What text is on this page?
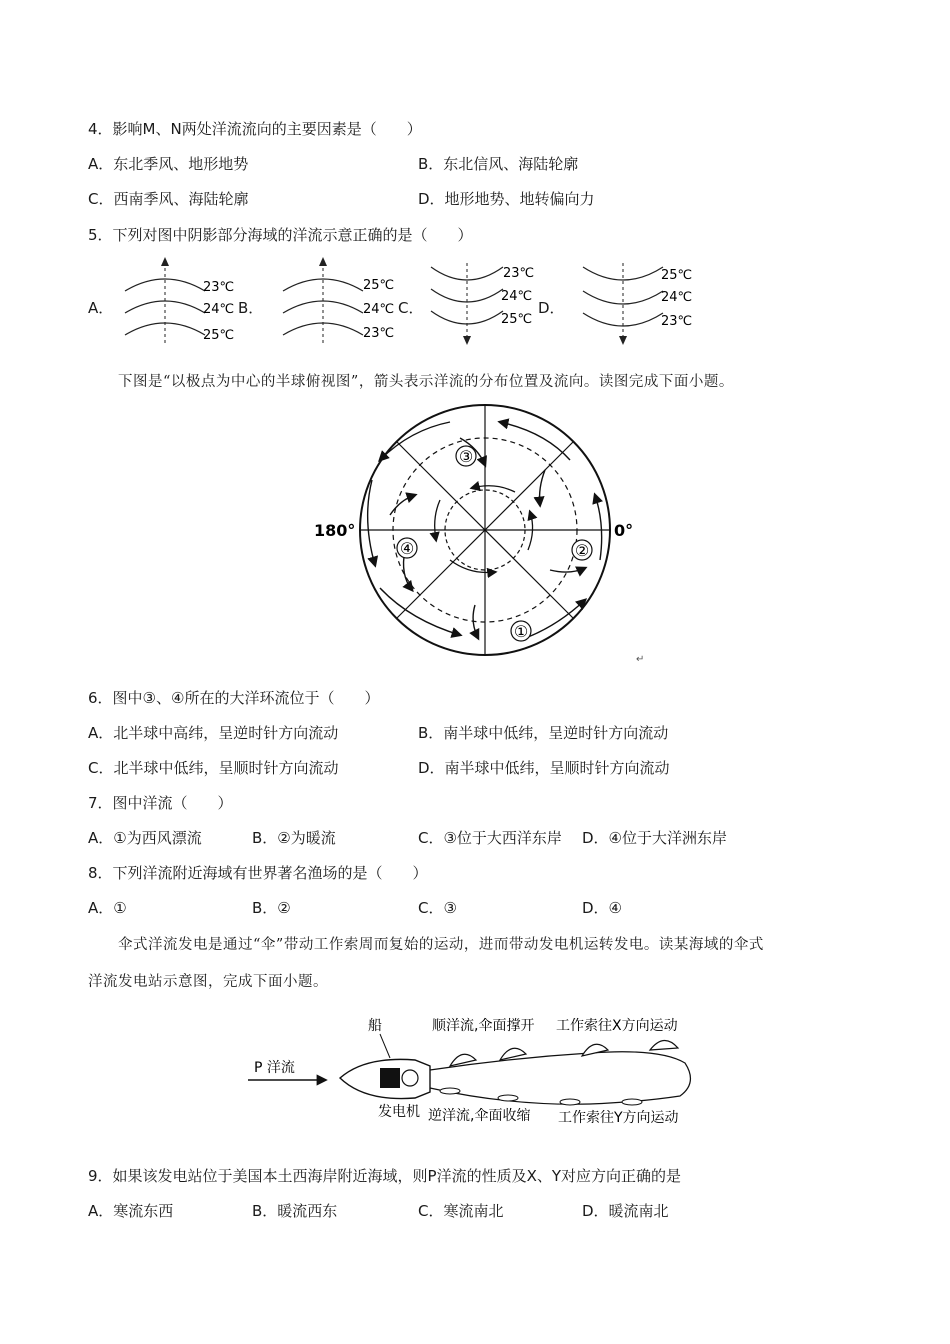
4．影响M、N两处洋流流向的主要因素是（　　）
A．东北季风、地形地势	B．东北信风、海陆轮廓
C．西南季风、海陆轮廓	D．地形地势、地转偏向力
5．下列对图中阴影部分海域的洋流示意正确的是（　　）
A．	B．	C．	D．
23℃
24℃
25℃
25℃
24℃
23℃
23℃
24℃
25℃
25℃
24℃
23℃
下图是“以极点为中心的半球俯视图”，箭头表示洋流的分布位置及流向。读图完成下面小题。
③
④	②
①
180°	0°
↵
6．图中③、④所在的大洋环流位于（　　）
A．北半球中高纬，呈逆时针方向流动	B．南半球中低纬，呈逆时针方向流动
C．北半球中低纬，呈顺时针方向流动	D．南半球中低纬，呈顺时针方向流动
7．图中洋流（　　）
A．①为西风漂流	B．②为暖流	C．③位于大西洋东岸 D．④位于大洋洲东岸
8．下列洋流附近海域有世界著名渔场的是（　　）
A．①	B．②	C．③	D．④
伞式洋流发电是通过“伞”带动工作索周而复始的运动，进而带动发电机运转发电。读某海域的伞式
洋流发电站示意图，完成下面小题。
船	顺洋流,伞面撑开 工作索往X方向运动
P 洋流
发电机 逆洋流,伞面收缩 工作索往Y方向运动
9．如果该发电站位于美国本土西海岸附近海域，则P洋流的性质及X、Y对应方向正确的是
A．寒流东西	B．暖流西东	C．寒流南北	D．暖流南北
